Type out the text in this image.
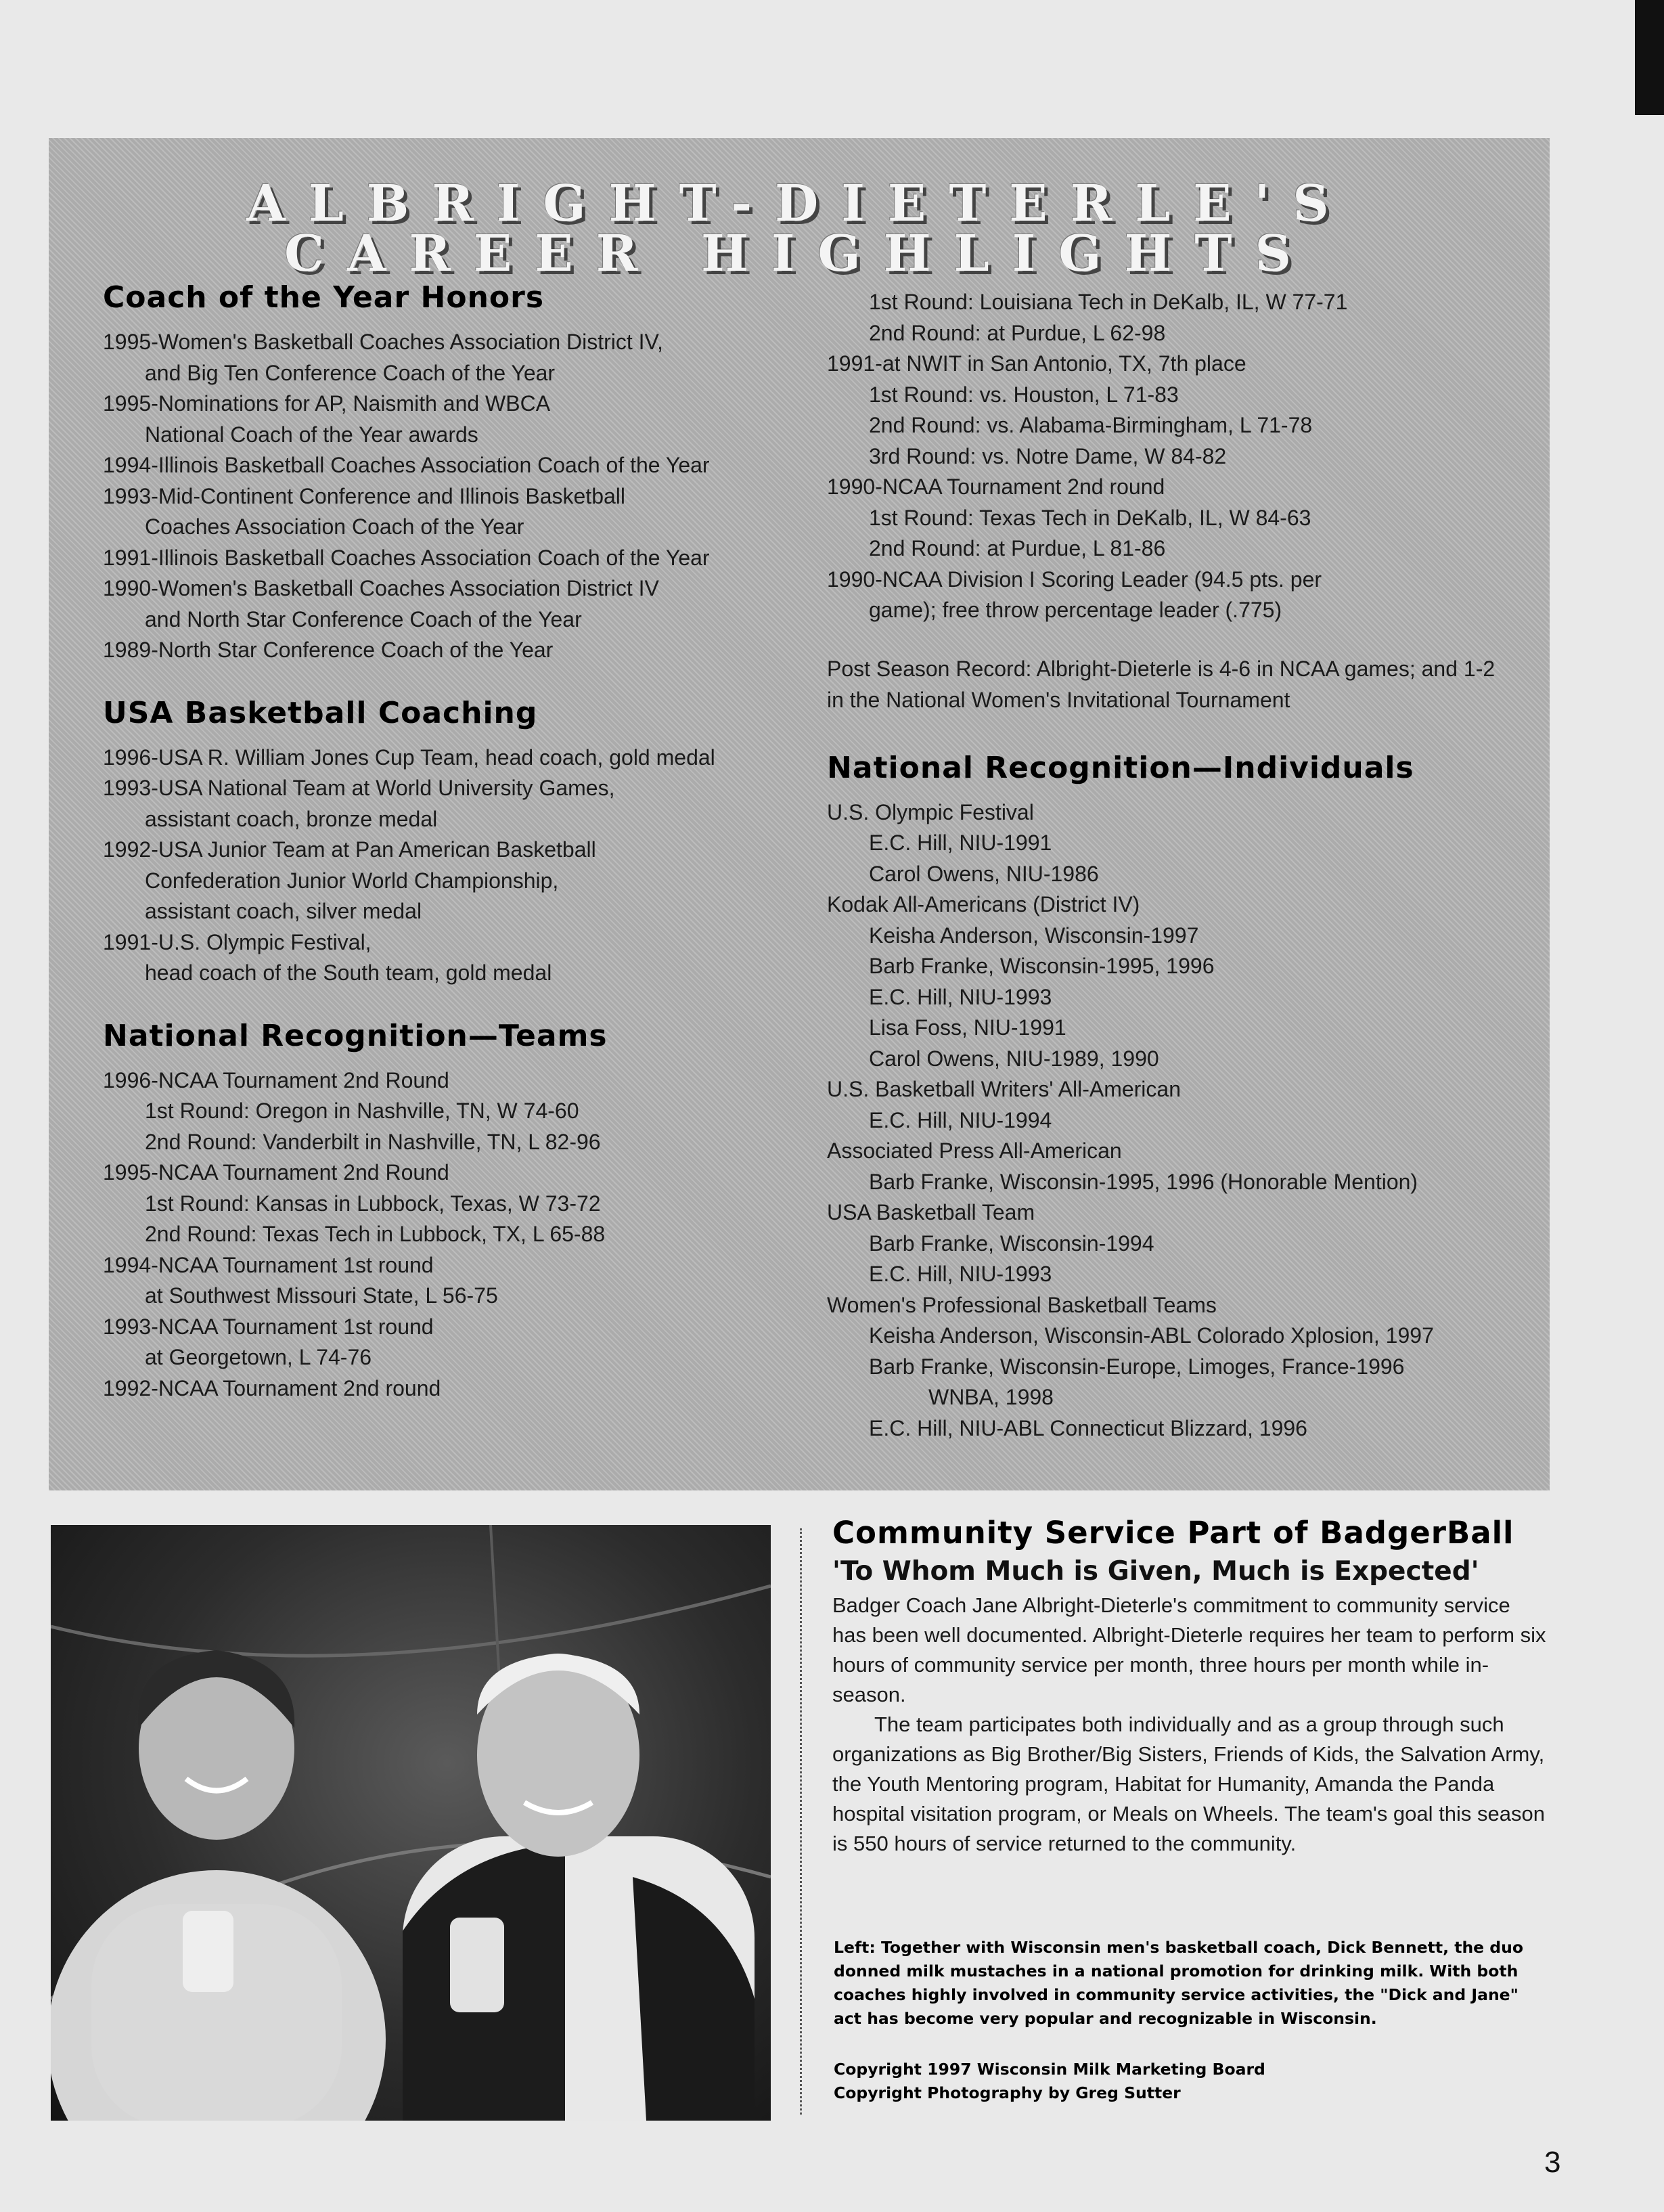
ALBRIGHT-DIETERLE'S
CAREER HIGHLIGHTS
Coach of the Year Honors
1995-Women's Basketball Coaches Association District IV,
and Big Ten Conference Coach of the Year
1995-Nominations for AP, Naismith and WBCA
National Coach of the Year awards
1994-Illinois Basketball Coaches Association Coach of the Year
1993-Mid-Continent Conference and Illinois Basketball
Coaches Association Coach of the Year
1991-Illinois Basketball Coaches Association Coach of the Year
1990-Women's Basketball Coaches Association District IV
and North Star Conference Coach of the Year
1989-North Star Conference Coach of the Year
USA Basketball Coaching
1996-USA R. William Jones Cup Team, head coach, gold medal
1993-USA National Team at World University Games,
assistant coach, bronze medal
1992-USA Junior Team at Pan American Basketball
Confederation Junior World Championship,
assistant coach, silver medal
1991-U.S. Olympic Festival,
head coach of the South team, gold medal
National Recognition—Teams
1996-NCAA Tournament 2nd Round
1st Round: Oregon in Nashville, TN, W 74-60
2nd Round: Vanderbilt in Nashville, TN, L 82-96
1995-NCAA Tournament 2nd Round
1st Round: Kansas in Lubbock, Texas, W 73-72
2nd Round: Texas Tech in Lubbock, TX, L 65-88
1994-NCAA Tournament 1st round
at Southwest Missouri State, L 56-75
1993-NCAA Tournament 1st round
at Georgetown, L 74-76
1992-NCAA Tournament 2nd round
1st Round: Louisiana Tech in DeKalb, IL, W 77-71
2nd Round: at Purdue, L 62-98
1991-at NWIT in San Antonio, TX, 7th place
1st Round: vs. Houston, L 71-83
2nd Round: vs. Alabama-Birmingham, L 71-78
3rd Round: vs. Notre Dame, W 84-82
1990-NCAA Tournament 2nd round
1st Round: Texas Tech in DeKalb, IL, W 84-63
2nd Round: at Purdue, L 81-86
1990-NCAA Division I Scoring Leader (94.5 pts. per
game); free throw percentage leader (.775)
Post Season Record: Albright-Dieterle is 4-6 in NCAA games; and 1-2 in the National Women's Invitational Tournament
National Recognition—Individuals
U.S. Olympic Festival
E.C. Hill, NIU-1991
Carol Owens, NIU-1986
Kodak All-Americans (District IV)
Keisha Anderson, Wisconsin-1997
Barb Franke, Wisconsin-1995, 1996
E.C. Hill, NIU-1993
Lisa Foss, NIU-1991
Carol Owens, NIU-1989, 1990
U.S. Basketball Writers' All-American
E.C. Hill, NIU-1994
Associated Press All-American
Barb Franke, Wisconsin-1995, 1996 (Honorable Mention)
USA Basketball Team
Barb Franke, Wisconsin-1994
E.C. Hill, NIU-1993
Women's Professional Basketball Teams
Keisha Anderson, Wisconsin-ABL Colorado Xplosion, 1997
Barb Franke, Wisconsin-Europe, Limoges, France-1996
WNBA, 1998
E.C. Hill, NIU-ABL Connecticut Blizzard, 1996
Community Service Part of BadgerBall
'To Whom Much is Given, Much is Expected'

Badger Coach Jane Albright-Dieterle's commitment to community service has been well documented. Albright-Dieterle requires her team to perform six hours of community service per month, three hours per month while in-season.

The team participates both individually and as a group through such organizations as Big Brother/Big Sisters, Friends of Kids, the Salvation Army, the Youth Mentoring program, Habitat for Humanity, Amanda the Panda hospital visitation program, or Meals on Wheels. The team's goal this season is 550 hours of service returned to the community.

Left: Together with Wisconsin men's basketball coach, Dick Bennett, the duo donned milk mustaches in a national promotion for drinking milk. With both coaches highly involved in community service activities, the "Dick and Jane" act has become very popular and recognizable in Wisconsin.
Copyright 1997 Wisconsin Milk Marketing Board
Copyright Photography by Greg Sutter
3
